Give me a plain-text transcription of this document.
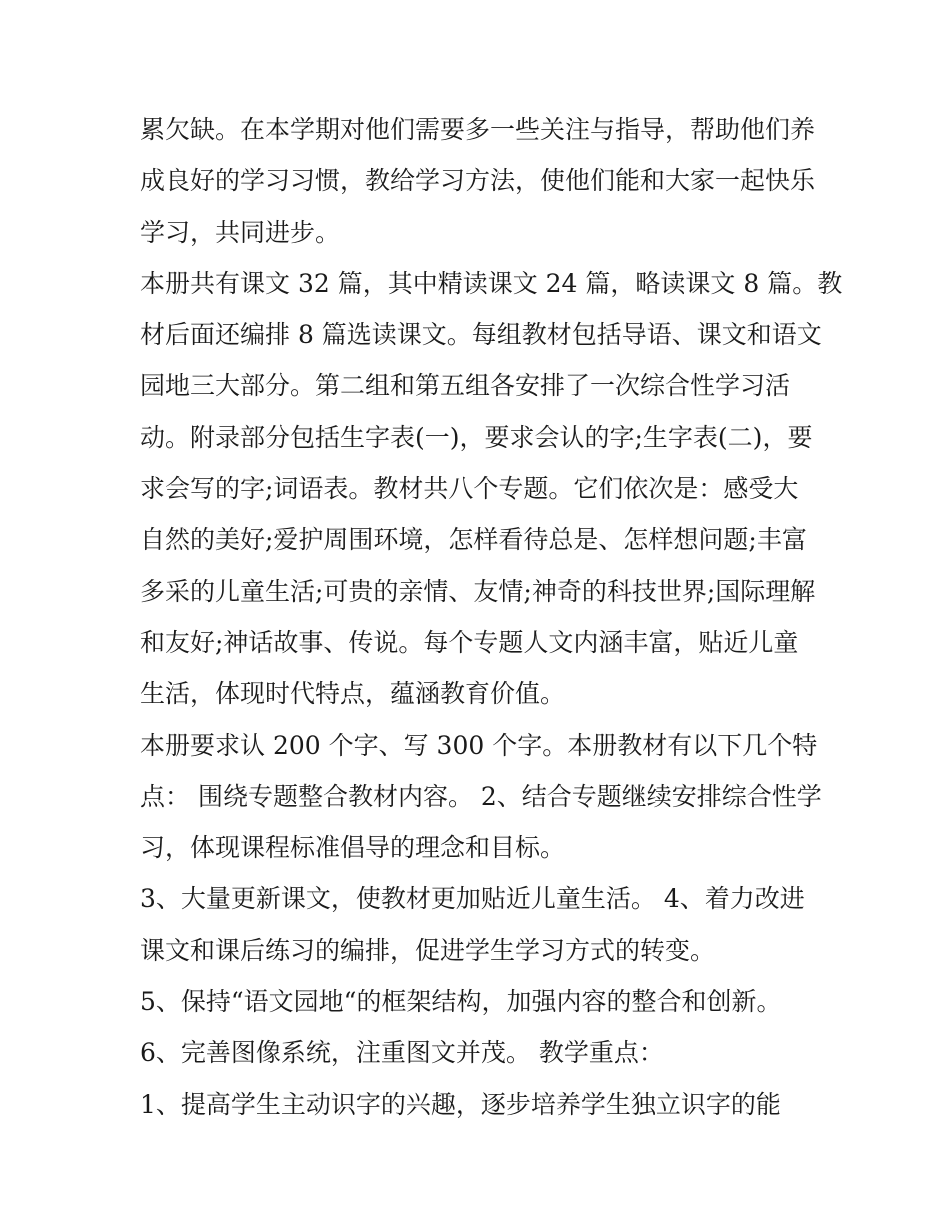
累欠缺。在本学期对他们需要多一些关注与指导，帮助他们养
成良好的学习习惯，教给学习方法，使他们能和大家一起快乐
学习，共同进步。
本册共有课文 32 篇，其中精读课文 24 篇，略读课文 8 篇。教
材后面还编排 8 篇选读课文。每组教材包括导语、课文和语文
园地三大部分。第二组和第五组各安排了一次综合性学习活
动。附录部分包括生字表(一)，要求会认的字;生字表(二)，要
求会写的字;词语表。教材共八个专题。它们依次是：感受大
自然的美好;爱护周围环境，怎样看待总是、怎样想问题;丰富
多采的儿童生活;可贵的亲情、友情;神奇的科技世界;国际理解
和友好;神话故事、传说。每个专题人文内涵丰富，贴近儿童
生活，体现时代特点，蕴涵教育价值。
本册要求认 200 个字、写 300 个字。本册教材有以下几个特
点： 围绕专题整合教材内容。 2、结合专题继续安排综合性学
习，体现课程标准倡导的理念和目标。
3、大量更新课文，使教材更加贴近儿童生活。 4、着力改进
课文和课后练习的编排，促进学生学习方式的转变。
5、保持“语文园地“的框架结构，加强内容的整合和创新。
6、完善图像系统，注重图文并茂。 教学重点：
1、提高学生主动识字的兴趣，逐步培养学生独立识字的能
